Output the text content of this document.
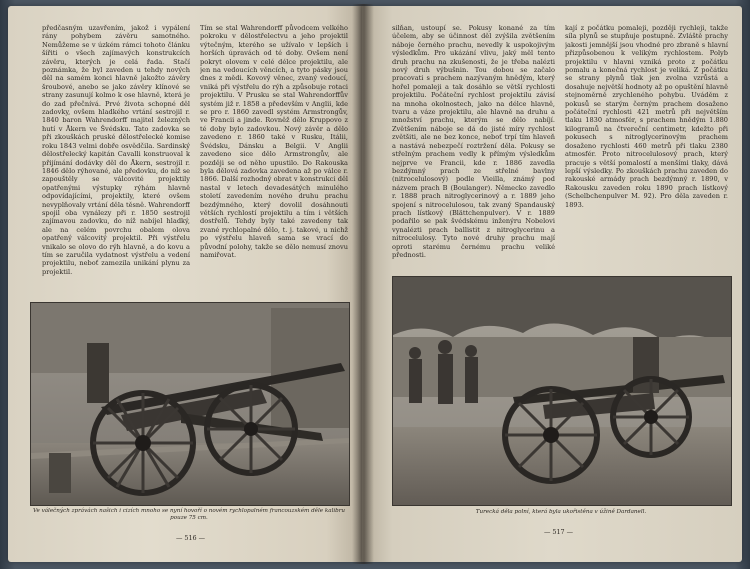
předčasným uzavřením, jakož i vypálení rány pohybem závěru samotného. Nemůžeme se v úzkém rámci tohoto článku šířiti o všech zajímavých konstrukcích závěru, kterých je celá řada. Stačí poznámka, že byl zaveden u tehdy nových děl na samém konci hlavně jakožto závěry šroubové, anebo se jako závěry klínové se strany zasunují kolmo k ose hlavně, která je do zad přečnívá. Prvé života schopné děl zadovky, ovšem hladkého vrtání sestrojil r. 1840 baron Wahrendorff majitel železných hutí v Åkern ve Švédsku. Tato zadovka se při zkouškách pruské dělostřelecké komise roku 1843 velmi dobře osvědčila. Sardinský dělostřelecký kapitán Cavalli konstruoval k přijímání dodávky děl do Åkern, sestrojil r. 1846 dělo rýhované, ale předovku, do níž se zapouštěly se válcovité projektily opatřenými výstupky rýhám hlavně odpovídajícími, projektily, které ovšem nevyplňovaly vrtání děla těsně. Wahrendorff spojil oba vynálezy při r. 1850 sestrojil zajímavou zadovku, do níž nabíjel hladký, ale na celém povrchu obalem olova opatřený válcovitý projektil. Při výstřelu vnikalo se olovo do rýh hlavně, a do kovu a tím se zaručila vydatnost výstřelu a vedení projektilu, neboť zamezila unikání plynu za projektil.
Tím se stal Wahrendorff původcem velkého pokroku v dělostřelectvu a jeho projektil výtečným, kterého se užívalo v lepších i horších úpravách od té doby. Ovšem není pokryt olovem v celé délce projektilu, ale jen na vedoucích věncích, a tyto pásky jsou dnes z mědi. Kovový věnec, zvaný vedoucí, vniká při výstřelu do rýh a způsobuje rotaci projektilu. V Prusku se stal Wahrendorffův systém již r. 1858 a především v Anglii, kde se pro r. 1860 zavedl systém Armstrongův, ve Francii a jinde. Rovněž dělo Kruppovo z té doby bylo zadovkou. Nový závěr a dělo zavedeno r. 1860 také v Rusku, Itálii, Švédsku, Dánsku a Belgii. V Anglii zavedeno sice dělo Armstrongův, ale později se od něho upustilo. Do Rakouska byla dělová zadovka zavedena až po válce r. 1866. Další rozhodný obrat v konstrukci děl nastal v letech devadesátých minulého století zavedením nového druhu prachu bezdýmného, který dovolil dosáhnouti větších rychlostí projektilu a tím i větších dostřelů. Tehdy byly také zavedeny tak zvané rychlopalné dělo, t. j. takové, u nichž po výstřelu hlaveň sama se vrací do původní polohy, takže se dělo nemusí znovu namiřovat.
Ve válečných zprávách našich i cizích mnoho se nyní hovoří o novém rychlopalném francouzském děle kalibru pouze 75 cm.
— 516 —
silňan, ustoupí se. Pokusy konané za tím účelem, aby se účinnost děl zvýšila zvětšením náboje černého prachu, nevedly k uspokojivým výsledkům. Pro ukázání vlivu, jaký měl tento druh prachu na zkušenosti, že je třeba nalézti nový druh výbušnin. Tou dobou se začalo pracovati s prachem nazývaným hnědým, který hořel pomaleji a tak dosáhlo se větší rychlosti projektilu. Počáteční rychlost projektilu závisí na mnoha okolnostech, jako na délce hlavně, tvaru a váze projektilu, ale hlavně na druhu a množství prachu, kterým se dělo nabíjí. Zvětšením náboje se dá do jisté míry rychlost zvětšiti, ale ne bez konce, neboť trpí tím hlaveň a nastává nebezpečí roztržení děla. Pokusy se střelným prachem vedly k přímým výsledkům nejprve ve Francii, kde r. 1886 zavedla bezdýmný prach ze střelné bavlny (nitrocelulosový) podle Vieilla, známý pod názvem prach B (Boulanger). Německo zavedlo r. 1888 prach nitroglycerinový a r. 1889 jeho spojení s nitrocelulosou, tak zvaný Spandauský prach lístkový (Blättchenpulver). V r. 1889 podařilo se pak švédskému inženýru Nobelovi vynalézti prach ballistit z nitroglycerinu a nitrocelulosy. Tyto nové druhy prachu mají oproti starému černému prachu veliké přednosti.
kají z počátku pomaleji, později rychleji, takže síla plynů se stupňuje postupně. Zvláště prachy jakosti jemnější jsou vhodné pro zbraně s hlavní přizpůsobenou k velikým rychlostem. Polyb projektilu v hlavni vzniká proto z počátku pomalu a konečná rychlost je veliká. Z počátku se strany plynů tlak jen zvolna vzrůstá a dosahuje největší hodnoty až po opuštění hlavně stejnoměrně zrychleného pohybu. Uváděm z pokusů se starým černým prachem dosaženo počáteční rychlosti 421 metrů při největším tlaku 1830 atmosfér, s prachem hnědým 1.880 kilogramů na čtvereční centimetr, kdežto při pokusech s nitroglycerinovým prachem dosaženo rychlosti 460 metrů při tlaku 2380 atmosfér. Proto nitrocelulosový prach, který pracuje s větší pomalostí a menšími tlaky, dává lepší výsledky. Po zkouškách prachu zaveden do rakouské armády prach bezdýmný r. 1890, v Rakousku zaveden roku 1890 prach lístkový (Schelbchenpulver M. 92). Pro děla zaveden r. 1893.
Turecká děla polní, která byla ukořistěna v úžině Dardanell.
— 517 —
